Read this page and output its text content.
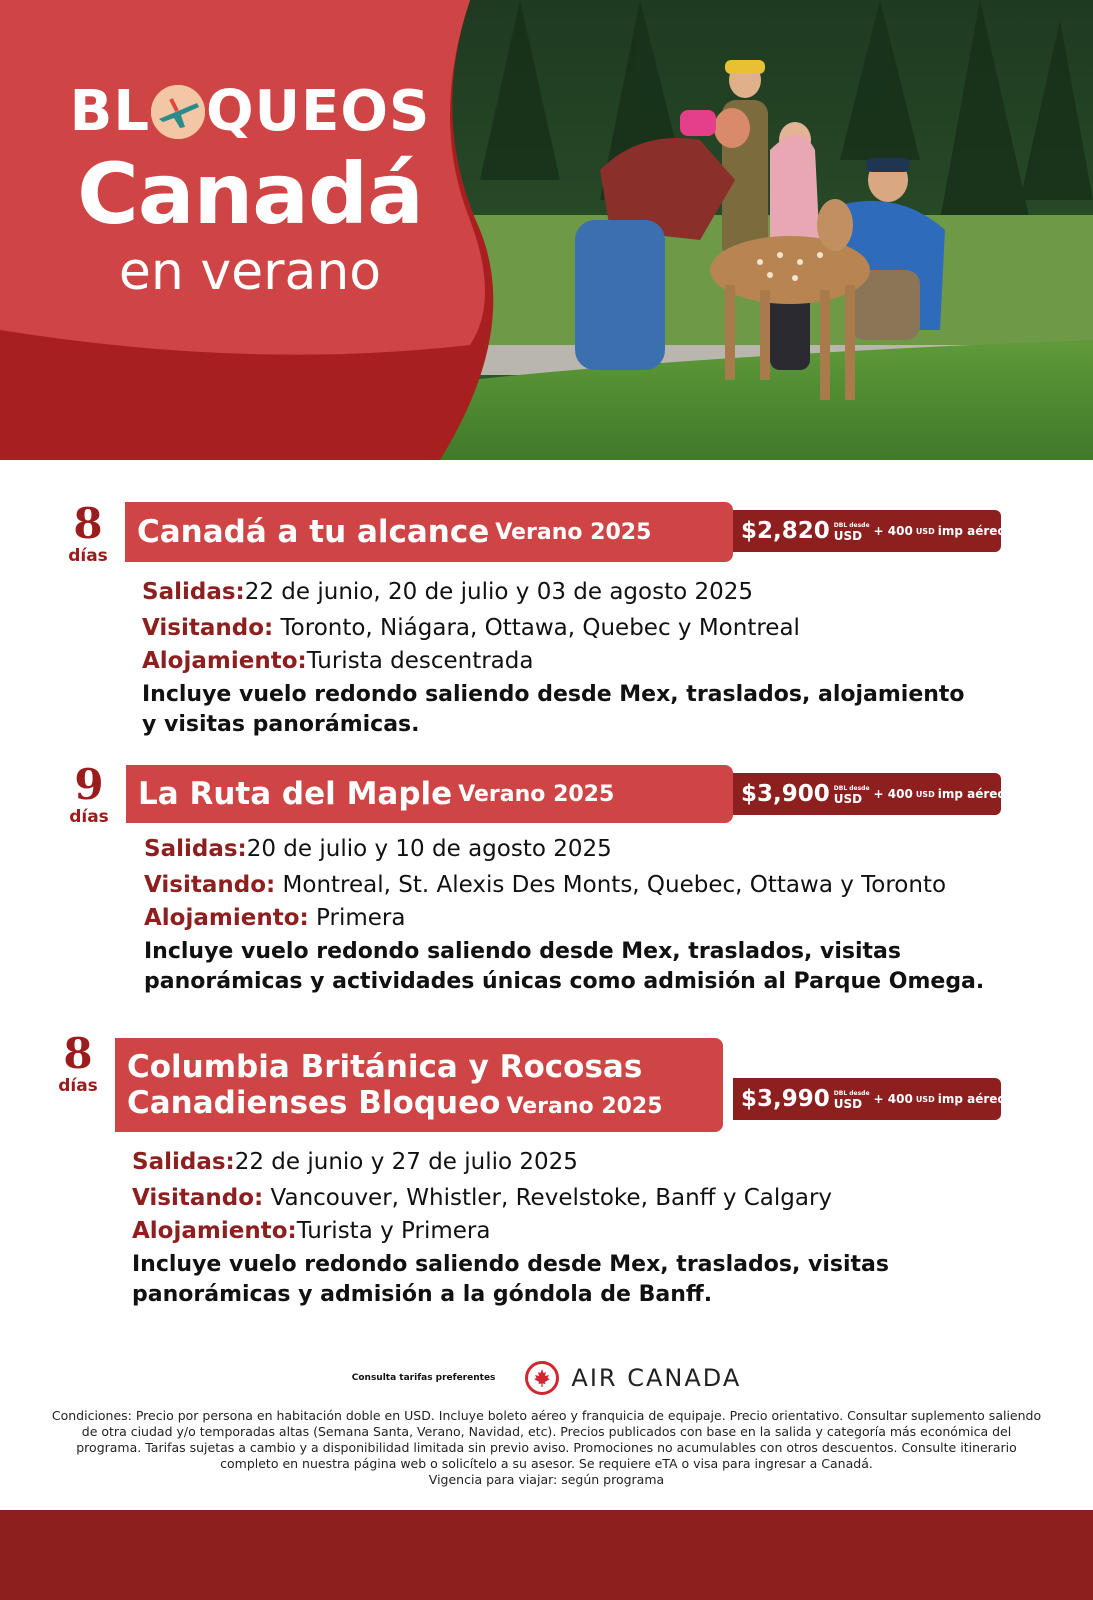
BL QUEOS
Canadá
en verano
8
días
Canadá a tu alcance Verano 2025	$2,820 DBL desde
USD + 400 USD imp aéreos
Salidas:22 de junio, 20 de julio y 03 de agosto 2025
Visitando: Toronto, Niágara, Ottawa, Quebec y Montreal
Alojamiento:Turista descentrada
Incluye vuelo redondo saliendo desde Mex, traslados, alojamiento y visitas panorámicas.
9
días
La Ruta del Maple Verano 2025	$3,900 DBL desde
USD + 400 USD imp aéreos
Salidas:20 de julio y 10 de agosto 2025
Visitando: Montreal, St. Alexis Des Monts, Quebec, Ottawa y Toronto
Alojamiento: Primera
Incluye vuelo redondo saliendo desde Mex, traslados, visitas panorámicas y actividades únicas como admisión al Parque Omega.
8
días
Columbia Británica y Rocosas
Canadienses Bloqueo Verano 2025	$3,990 DBL desde
USD + 400 USD imp aéreos
Salidas:22 de junio y 27 de julio 2025
Visitando: Vancouver, Whistler, Revelstoke, Banff y Calgary
Alojamiento:Turista y Primera
Incluye vuelo redondo saliendo desde Mex, traslados, visitas panorámicas y admisión a la góndola de Banff.
Consulta tarifas preferentes	AIR CANADA
Condiciones: Precio por persona en habitación doble en USD. Incluye boleto aéreo y franquicia de equipaje. Precio orientativo. Consultar suplemento saliendo de otra ciudad y/o temporadas altas (Semana Santa, Verano, Navidad, etc). Precios publicados con base en la salida y categoría más económica del programa. Tarifas sujetas a cambio y a disponibilidad limitada sin previo aviso. Promociones no acumulables con otros descuentos. Consulte itinerario completo en nuestra página web o solicítelo a su asesor. Se requiere eTA o visa para ingresar a Canadá.
Vigencia para viajar: según programa
